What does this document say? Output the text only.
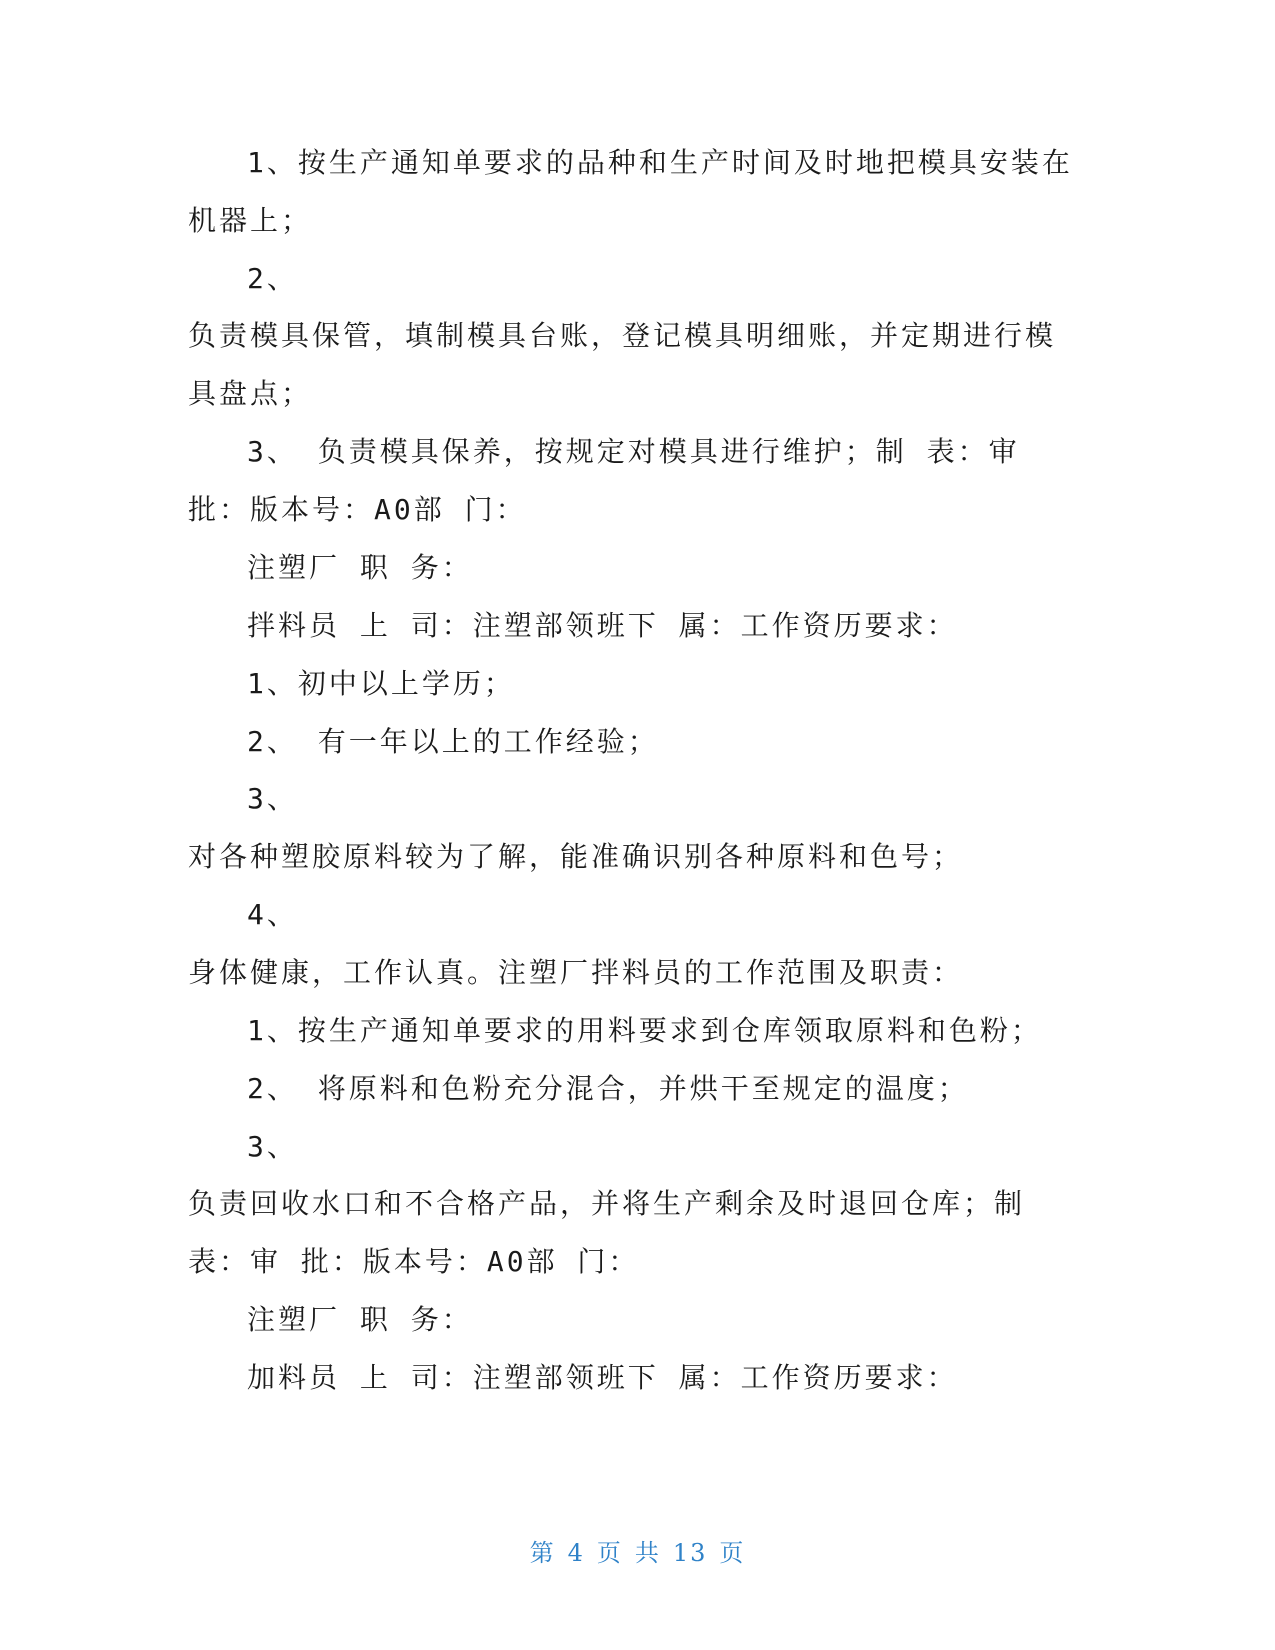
1、按生产通知单要求的品种和生产时间及时地把模具安装在
机器上；
2、
负责模具保管，填制模具台账，登记模具明细账，并定期进行模
具盘点；
3、 负责模具保养，按规定对模具进行维护；制 表：审
批：版本号：A0部 门：
注塑厂 职 务：
拌料员 上 司：注塑部领班下 属：工作资历要求：
1、初中以上学历；
2、 有一年以上的工作经验；
3、
对各种塑胶原料较为了解，能准确识别各种原料和色号；
4、
身体健康，工作认真。注塑厂拌料员的工作范围及职责：
1、按生产通知单要求的用料要求到仓库领取原料和色粉；
2、 将原料和色粉充分混合，并烘干至规定的温度；
3、
负责回收水口和不合格产品，并将生产剩余及时退回仓库；制
表：审 批：版本号：A0部 门：
注塑厂 职 务：
加料员 上 司：注塑部领班下 属：工作资历要求：
第 4 页 共 13 页
